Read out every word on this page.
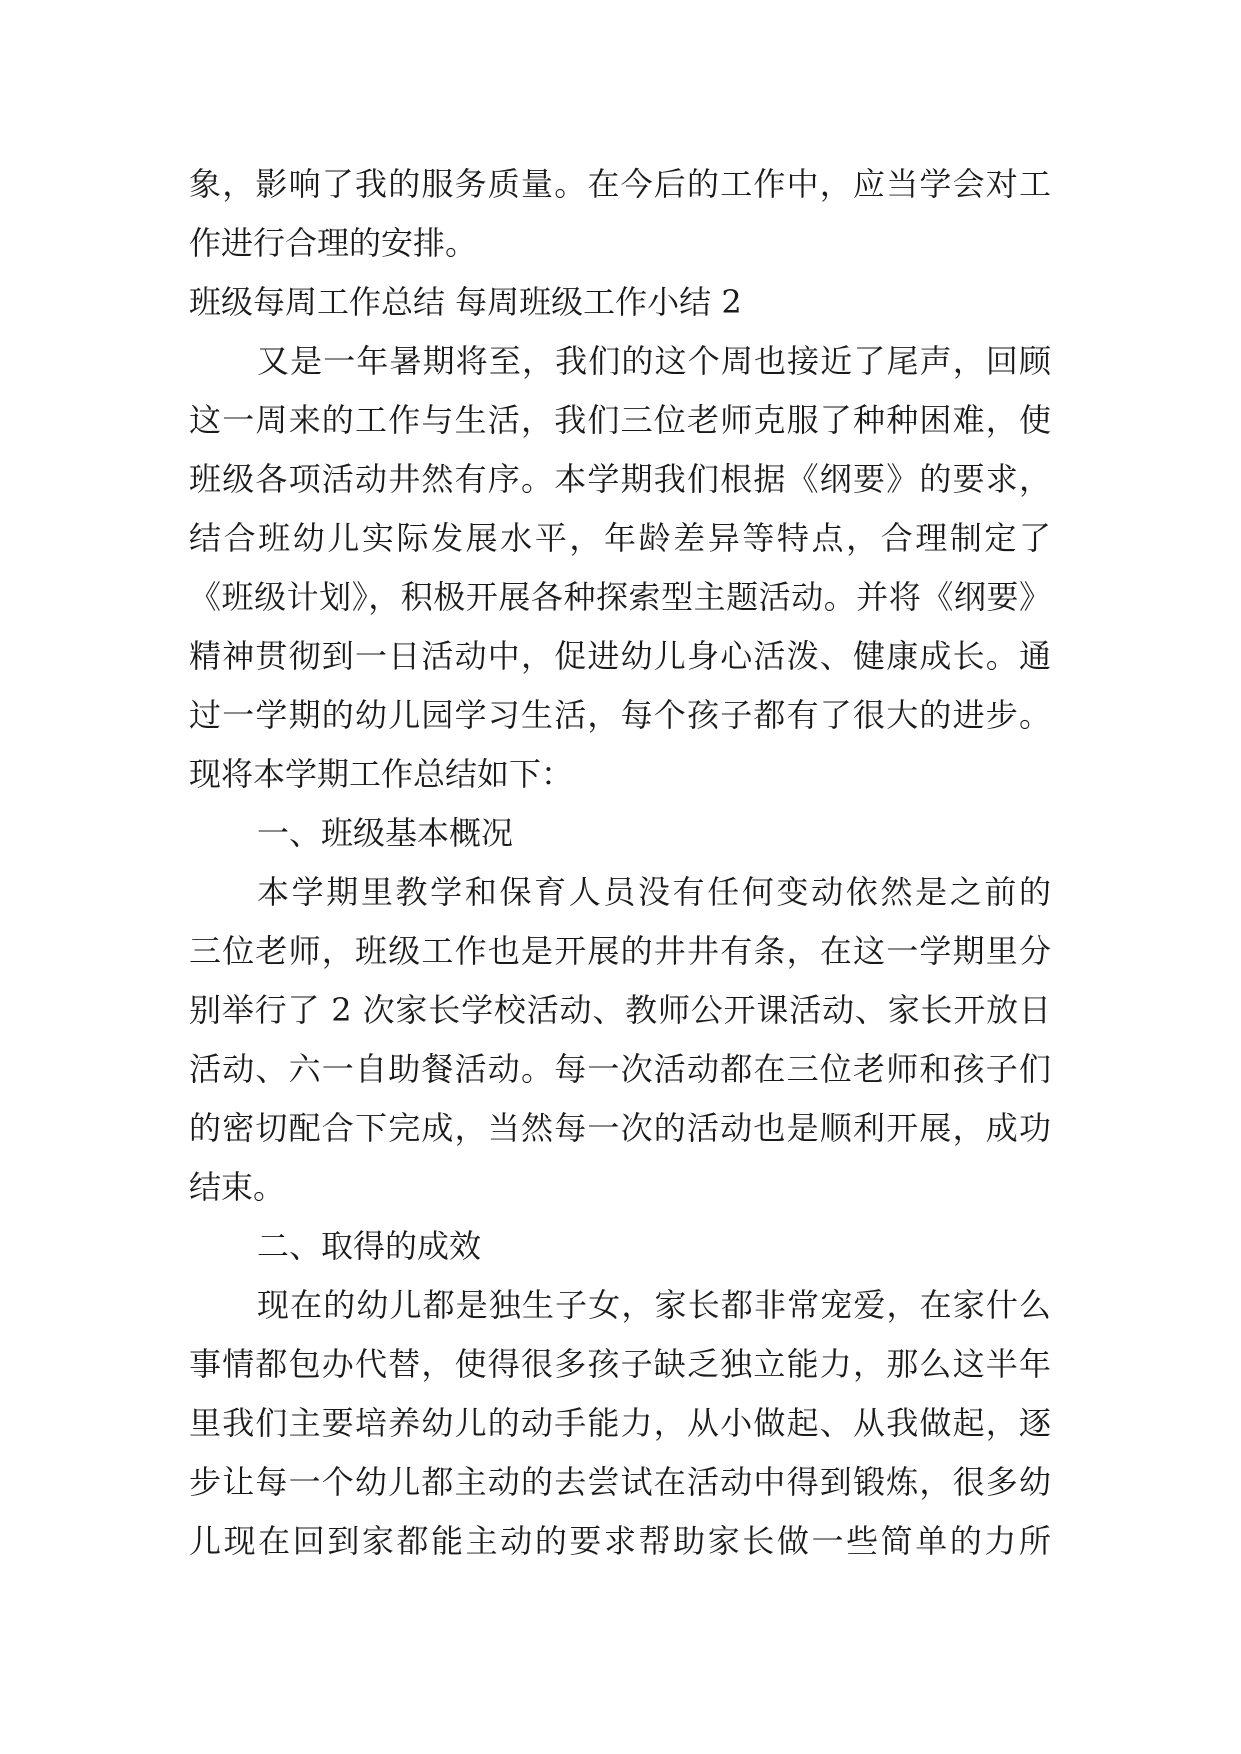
象，影响了我的服务质量。在今后的工作中，应当学会对工
作进行合理的安排。
班级每周工作总结 每周班级工作小结 2
又是一年暑期将至，我们的这个周也接近了尾声，回顾
这一周来的工作与生活，我们三位老师克服了种种困难，使
班级各项活动井然有序。本学期我们根据《纲要》的要求，
结合班幼儿实际发展水平，年龄差异等特点，合理制定了
《班级计划》，积极开展各种探索型主题活动。并将《纲要》
精神贯彻到一日活动中，促进幼儿身心活泼、健康成长。通
过一学期的幼儿园学习生活，每个孩子都有了很大的进步。
现将本学期工作总结如下：
一、班级基本概况
本学期里教学和保育人员没有任何变动依然是之前的
三位老师，班级工作也是开展的井井有条，在这一学期里分
别举行了 2 次家长学校活动、教师公开课活动、家长开放日
活动、六一自助餐活动。每一次活动都在三位老师和孩子们
的密切配合下完成，当然每一次的活动也是顺利开展，成功
结束。
二、取得的成效
现在的幼儿都是独生子女，家长都非常宠爱，在家什么
事情都包办代替，使得很多孩子缺乏独立能力，那么这半年
里我们主要培养幼儿的动手能力，从小做起、从我做起，逐
步让每一个幼儿都主动的去尝试在活动中得到锻炼，很多幼
儿现在回到家都能主动的要求帮助家长做一些简单的力所
